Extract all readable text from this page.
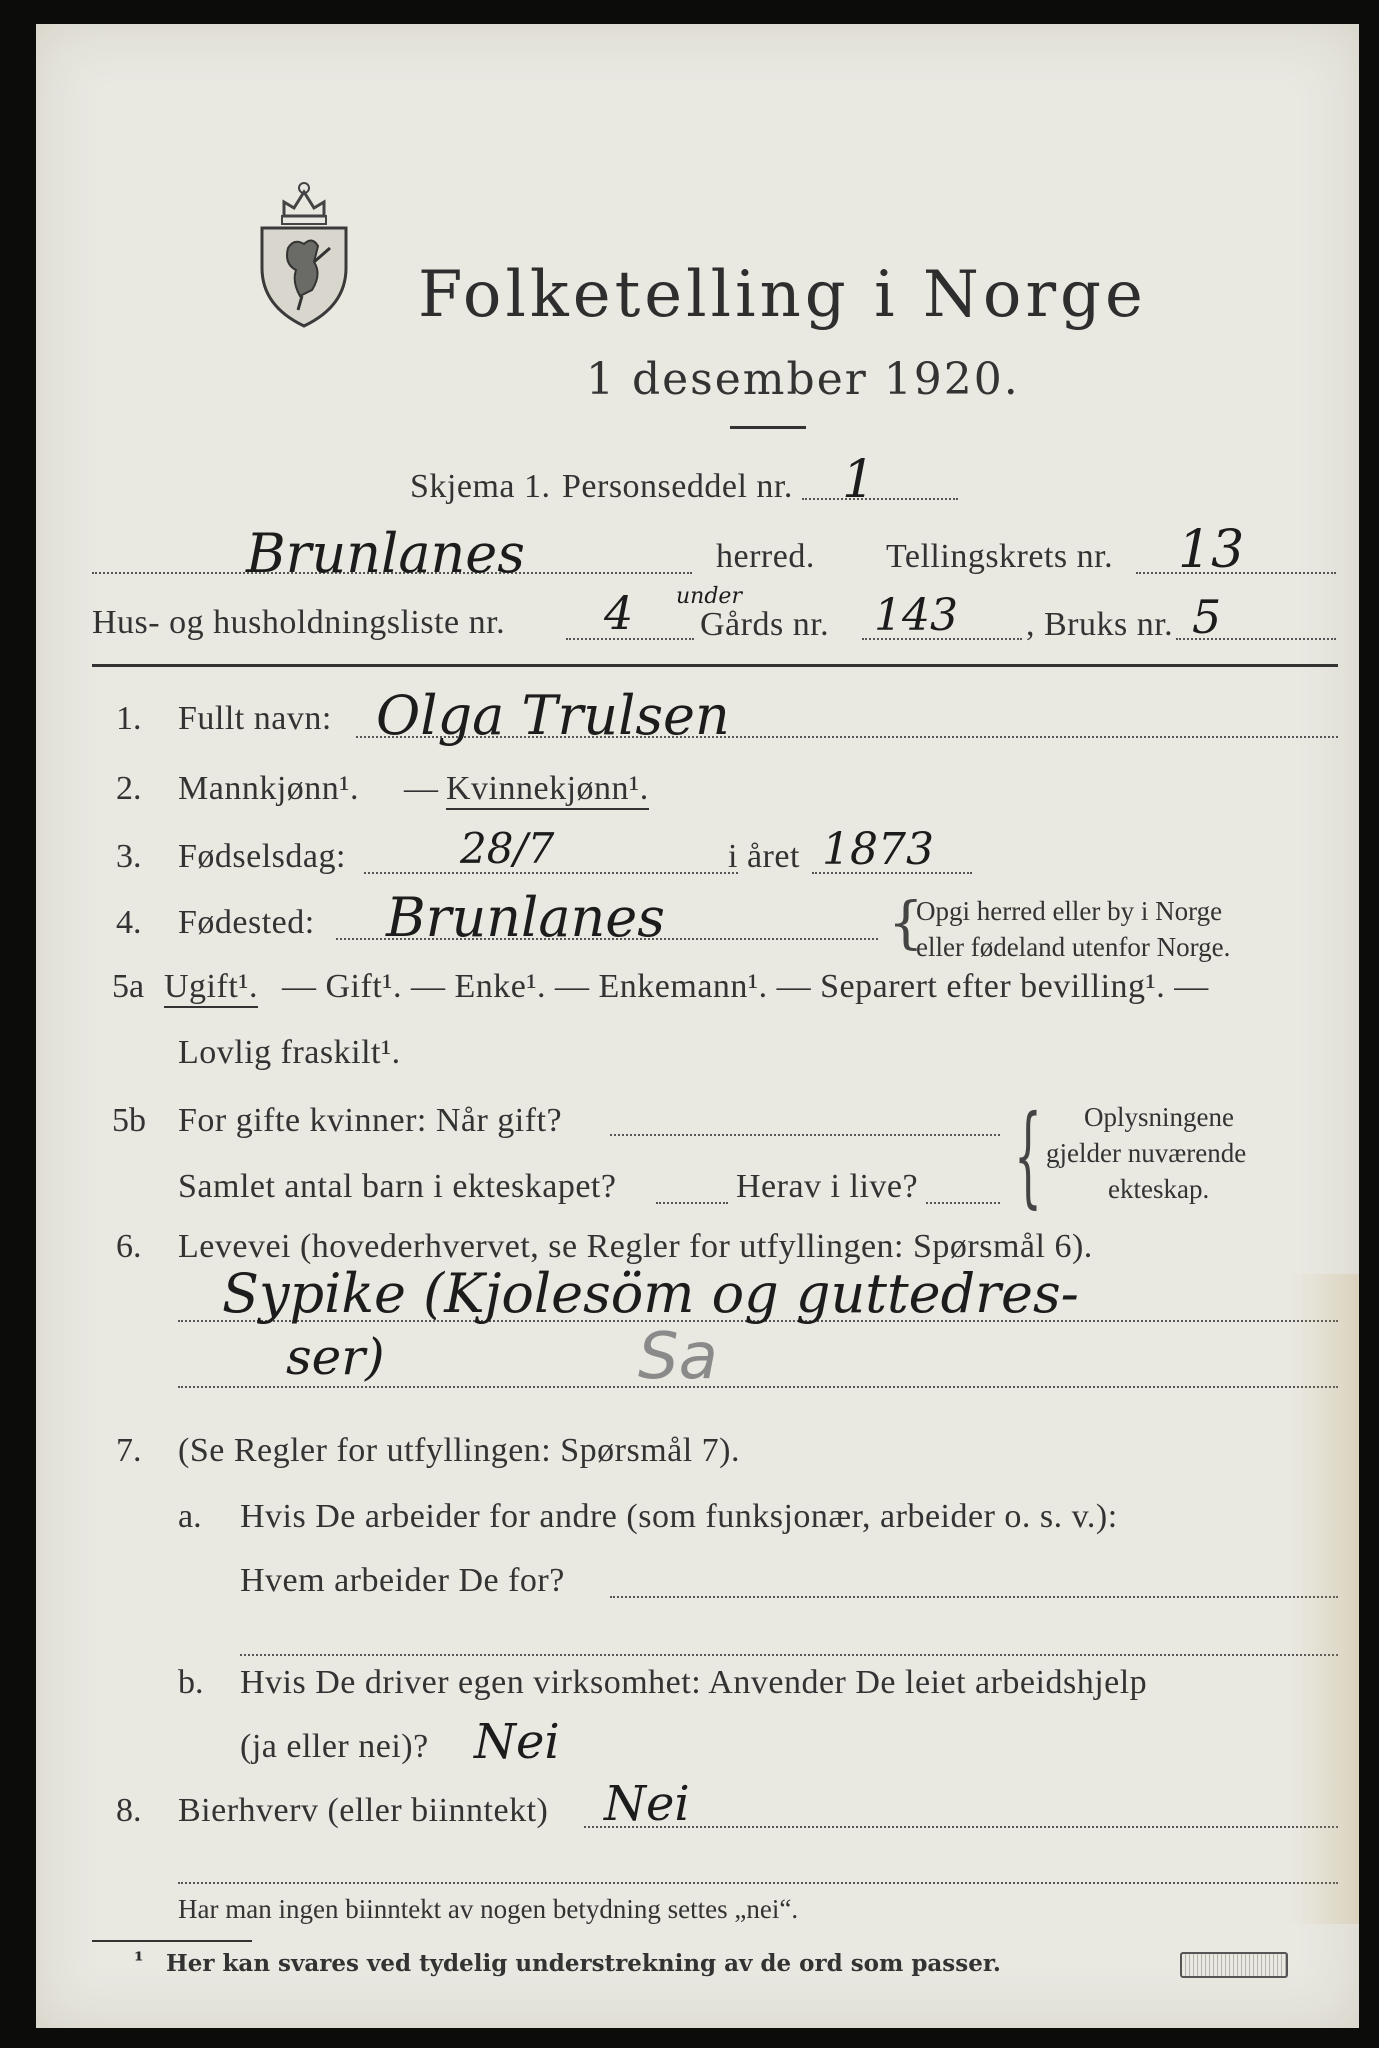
Folketelling i Norge
1 desember 1920.
Skjema 1. Personseddel nr. 1
Brunlanes	herred. Tellingskrets nr. 13
Hus- og husholdningsliste nr. 4 under
Gårds nr. 143 , Bruks nr. 5
1. Fullt navn: Olga Trulsen
2. Mannkjønn¹. — Kvinnekjønn¹.
3. Fødselsdag:	28/7	i året 1873
4. Fødested: Brunlanes	{
Opgi herred eller by i Norge
eller fødeland utenfor Norge.
5a Ugift¹. — Gift¹. — Enke¹. — Enkemann¹. — Separert efter bevilling¹. —
Lovlig fraskilt¹.
5b For gifte kvinner: Når gift?
Samlet antal barn i ekteskapet?	Herav i live? { Oplysningene
gjelder nuværende
ekteskap.
6. Levevei (hovederhvervet, se Regler for utfyllingen: Spørsmål 6).
Sypike (Kjolesöm og guttedres-
ser)	Sa
7. (Se Regler for utfyllingen: Spørsmål 7).
a. Hvis De arbeider for andre (som funksjonær, arbeider o. s. v.):
Hvem arbeider De for?
b. Hvis De driver egen virksomhet: Anvender De leiet arbeidshjelp
(ja eller nei)? Nei
8. Bierhverv (eller biinntekt) Nei
Har man ingen biinntekt av nogen betydning settes „nei“.
¹ Her kan svares ved tydelig understrekning av de ord som passer.
